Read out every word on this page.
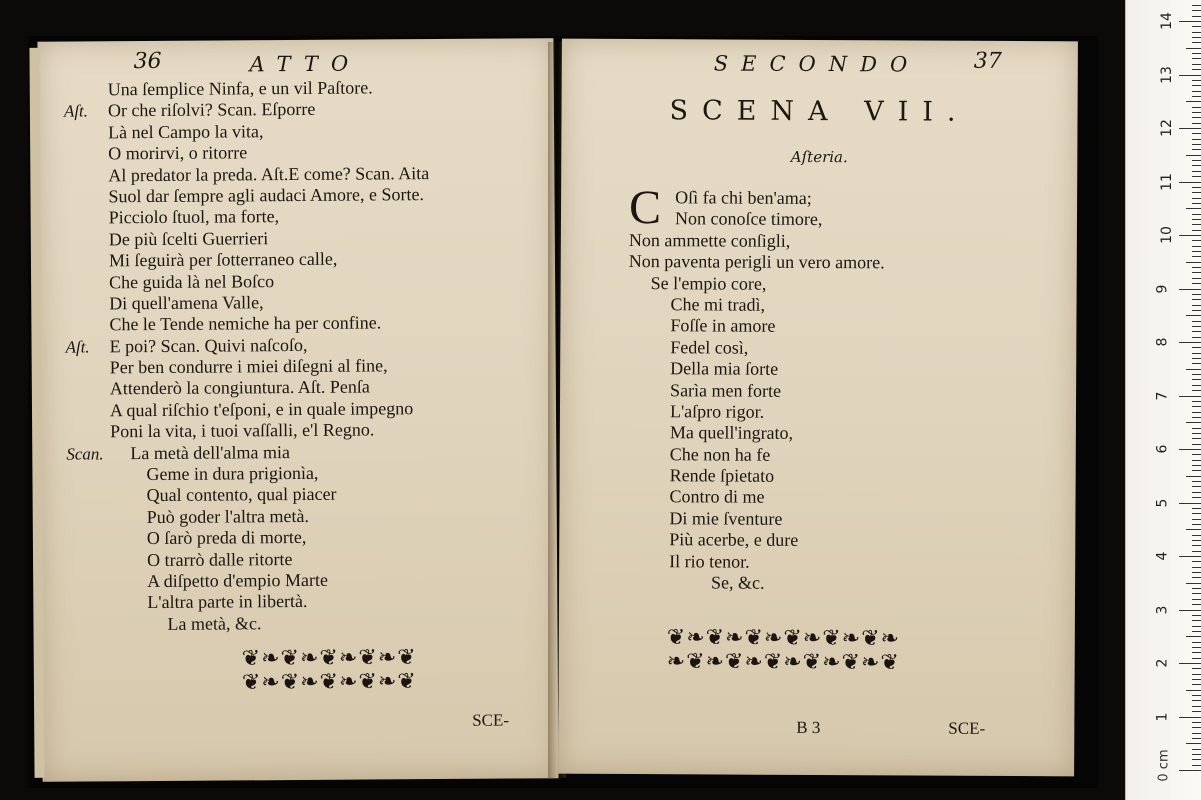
36	ATTO
Una ſemplice Ninfa, e un vil Paſtore.
Aſt. Or che riſolvi? Scan. Eſporre
Là nel Campo la vita,
O morirvi, o ritorre
Al predator la preda. Aſt.E come? Scan. Aita
Suol dar ſempre agli audaci Amore, e Sorte.
Picciolo ſtuol, ma forte,
De più ſcelti Guerrieri
Mi ſeguirà per ſotterraneo calle,
Che guida là nel Boſco
Di quell'amena Valle,
Che le Tende nemiche ha per confine.
Aſt. E poi? Scan. Quivi naſcoſo,
Per ben condurre i miei diſegni al fine,
Attenderò la congiuntura. Aſt. Penſa
A qual riſchio t'eſponi, e in quale impegno
Poni la vita, i tuoi vaſſalli, e'l Regno.
Scan. La metà dell'alma mia
Geme in dura prigionìa,
Qual contento, qual piacer
Può goder l'altra metà.
O ſarò preda di morte,
O trarrò dalle ritorte
A diſpetto d'empio Marte
L'altra parte in libertà.
La metà, &c.
❦❧❦❧❦❧❦❧❦
❦❧❦❧❦❧❦❧❦
SCE-
SECONDO 37
SCENA VII.
Aſteria.
C Oſì fa chi ben'ama;
Non conoſce timore,
Non ammette conſigli,
Non paventa perigli un vero amore.
Se l'empio core,
Che mi tradì,
Foſſe in amore
Fedel così,
Della mia ſorte
Sarìa men forte
L'aſpro rigor.
Ma quell'ingrato,
Che non ha fe
Rende ſpietato
Contro di me
Di mie ſventure
Più acerbe, e dure
Il rio tenor.
Se, &c.
❦❧❦❧❦❧❦❧❦❧❦❧
❧❦❧❦❧❦❧❦❧❦❧❦
B 3	SCE-
0 cm
1
2
3
4
5
6
7
8
9
10
11
12
13
14
